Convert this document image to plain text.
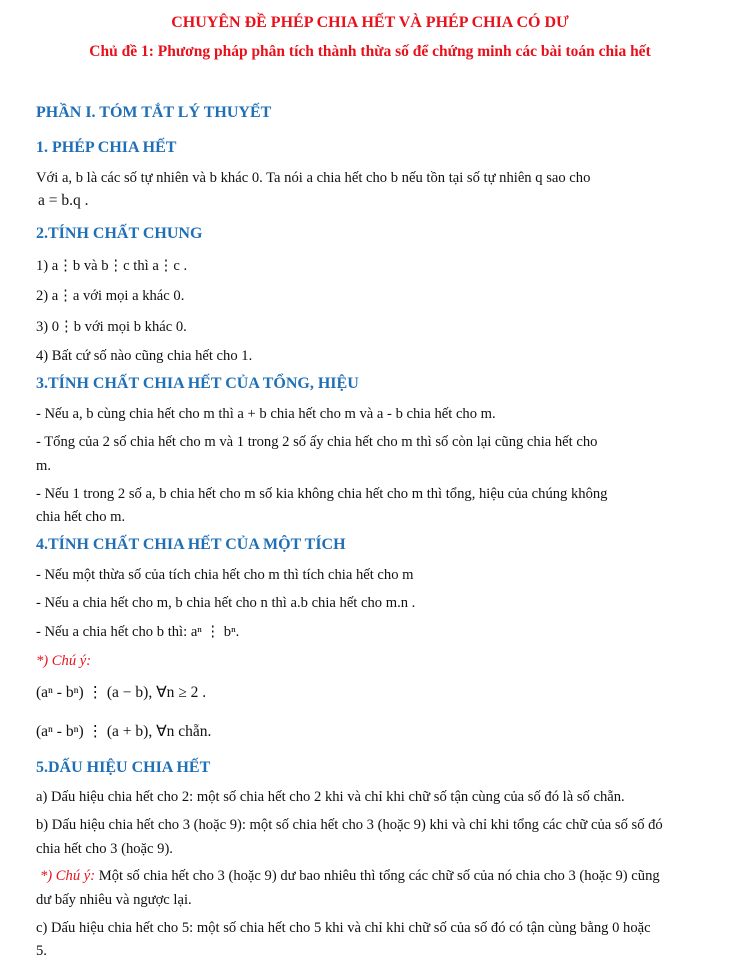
CHUYÊN ĐỀ PHÉP CHIA HẾT VÀ PHÉP CHIA CÓ DƯ
Chủ đề 1: Phương pháp phân tích thành thừa số để chứng minh các bài toán chia hết
PHẦN I. TÓM TẮT LÝ THUYẾT
1. PHÉP CHIA HẾT
Với a, b là các số tự nhiên và b khác 0. Ta nói a chia hết cho b nếu tồn tại số tự nhiên q sao cho
a = b.q .
2.TÍNH CHẤT CHUNG
1) a⋮b và b⋮c thì a⋮c .
2) a⋮a với mọi a khác 0.
3) 0⋮b với mọi b khác 0.
4) Bất cứ số nào cũng chia hết cho 1.
3.TÍNH CHẤT CHIA HẾT CỦA TỔNG, HIỆU
- Nếu a, b cùng chia hết cho m thì a + b chia hết cho m và a - b chia hết cho m.
- Tổng của 2 số chia hết cho m và 1 trong 2 số ấy chia hết cho m thì số còn lại cũng chia hết cho
m.
- Nếu 1 trong 2 số a, b chia hết cho m số kia không chia hết cho m thì tổng, hiệu của chúng không
chia hết cho m.
4.TÍNH CHẤT CHIA HẾT CỦA MỘT TÍCH
- Nếu một thừa số của tích chia hết cho m thì tích chia hết cho m
- Nếu a chia hết cho m, b chia hết cho n thì a.b chia hết cho m.n .
- Nếu a chia hết cho b thì: aⁿ ⋮ bⁿ.
*) Chú ý:
(aⁿ - bⁿ) ⋮ (a − b), ∀n ≥ 2 .
(aⁿ - bⁿ) ⋮ (a + b), ∀n chẵn.
5.DẤU HIỆU CHIA HẾT
a) Dấu hiệu chia hết cho 2: một số chia hết cho 2 khi và chỉ khi chữ số tận cùng của số đó là số chẵn.
b) Dấu hiệu chia hết cho 3 (hoặc 9): một số chia hết cho 3 (hoặc 9) khi và chỉ khi tổng các chữ của số số đó
chia hết cho 3 (hoặc 9).
*) Chú ý: Một số chia hết cho 3 (hoặc 9) dư bao nhiêu thì tổng các chữ số của nó chia cho 3 (hoặc 9) cũng
dư bấy nhiêu và ngược lại.
c) Dấu hiệu chia hết cho 5: một số chia hết cho 5 khi và chỉ khi chữ số của số đó có tận cùng bằng 0 hoặc
5.
